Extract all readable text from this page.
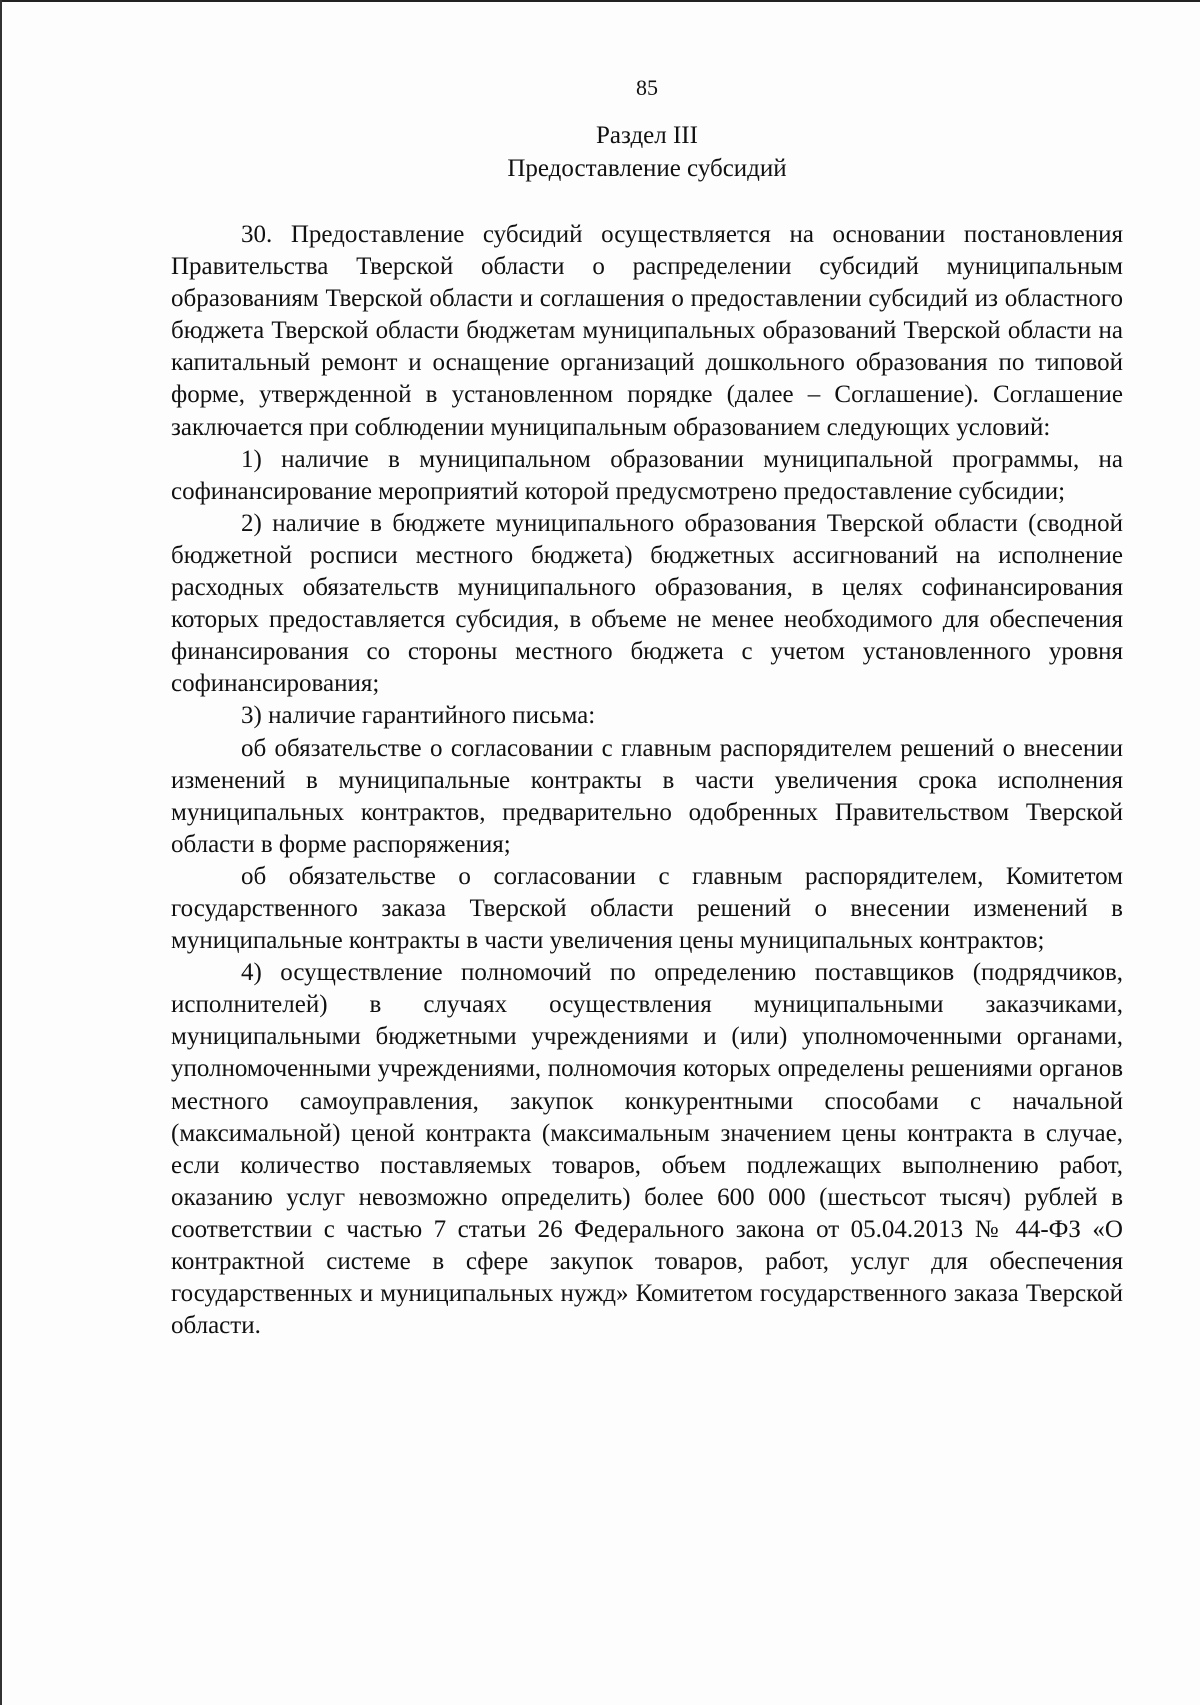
85
Раздел III
Предоставление субсидий

30. Предоставление субсидий осуществляется на основании постановления Правительства Тверской области о распределении субсидий муниципальным образованиям Тверской области и соглашения о предоставлении субсидий из областного бюджета Тверской области бюджетам муниципальных образований Тверской области на капитальный ремонт и оснащение организаций дошкольного образования по типовой форме, утвержденной в установленном порядке (далее – Соглашение). Соглашение заключается при соблюдении муниципальным образованием следующих условий:

1) наличие в муниципальном образовании муниципальной программы, на софинансирование мероприятий которой предусмотрено предоставление субсидии;

2) наличие в бюджете муниципального образования Тверской области (сводной бюджетной росписи местного бюджета) бюджетных ассигнований на исполнение расходных обязательств муниципального образования, в целях софинансирования которых предоставляется субсидия, в объеме не менее необходимого для обеспечения финансирования со стороны местного бюджета с учетом установленного уровня софинансирования;

3) наличие гарантийного письма:

об обязательстве о согласовании с главным распорядителем решений о внесении изменений в муниципальные контракты в части увеличения срока исполнения муниципальных контрактов, предварительно одобренных Правительством Тверской области в форме распоряжения;

об обязательстве о согласовании с главным распорядителем, Комитетом государственного заказа Тверской области решений о внесении изменений в муниципальные контракты в части увеличения цены муниципальных контрактов;

4) осуществление полномочий по определению поставщиков (подрядчиков, исполнителей) в случаях осуществления муниципальными заказчиками, муниципальными бюджетными учреждениями и (или) уполномоченными органами, уполномоченными учреждениями, полномочия которых определены решениями органов местного самоуправления, закупок конкурентными способами с начальной (максимальной) ценой контракта (максимальным значением цены контракта в случае, если количество поставляемых товаров, объем подлежащих выполнению работ, оказанию услуг невозможно определить) более 600 000 (шестьсот тысяч) рублей в соответствии с частью 7 статьи 26 Федерального закона от 05.04.2013 № 44-ФЗ «О контрактной системе в сфере закупок товаров, работ, услуг для обеспечения государственных и муниципальных нужд» Комитетом государственного заказа Тверской области.
